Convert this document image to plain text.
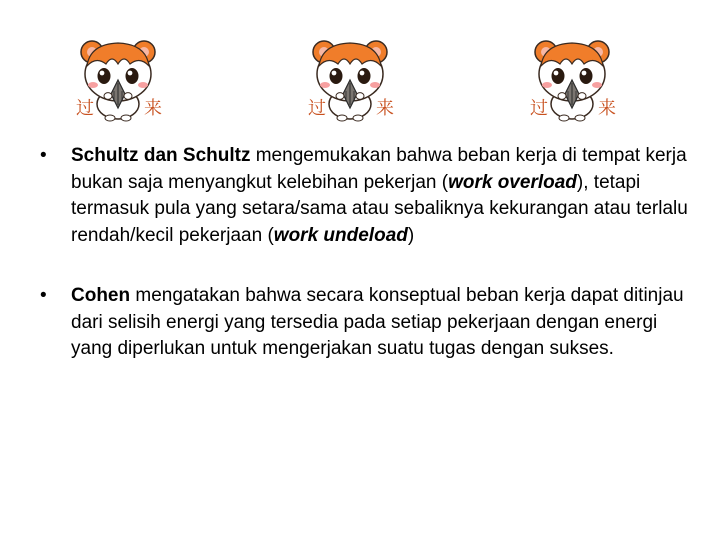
过	来	过	来	过	来
• Schultz dan Schultz mengemukakan bahwa beban kerja di tempat kerja bukan saja menyangkut kelebihan pekerjan (work overload), tetapi termasuk pula yang setara/sama atau sebaliknya kekurangan atau terlalu rendah/kecil pekerjaan (work undeload)
• Cohen mengatakan bahwa secara konseptual beban kerja dapat ditinjau dari selisih energi yang tersedia pada setiap pekerjaan dengan energi yang diperlukan untuk mengerjakan suatu tugas dengan sukses.
